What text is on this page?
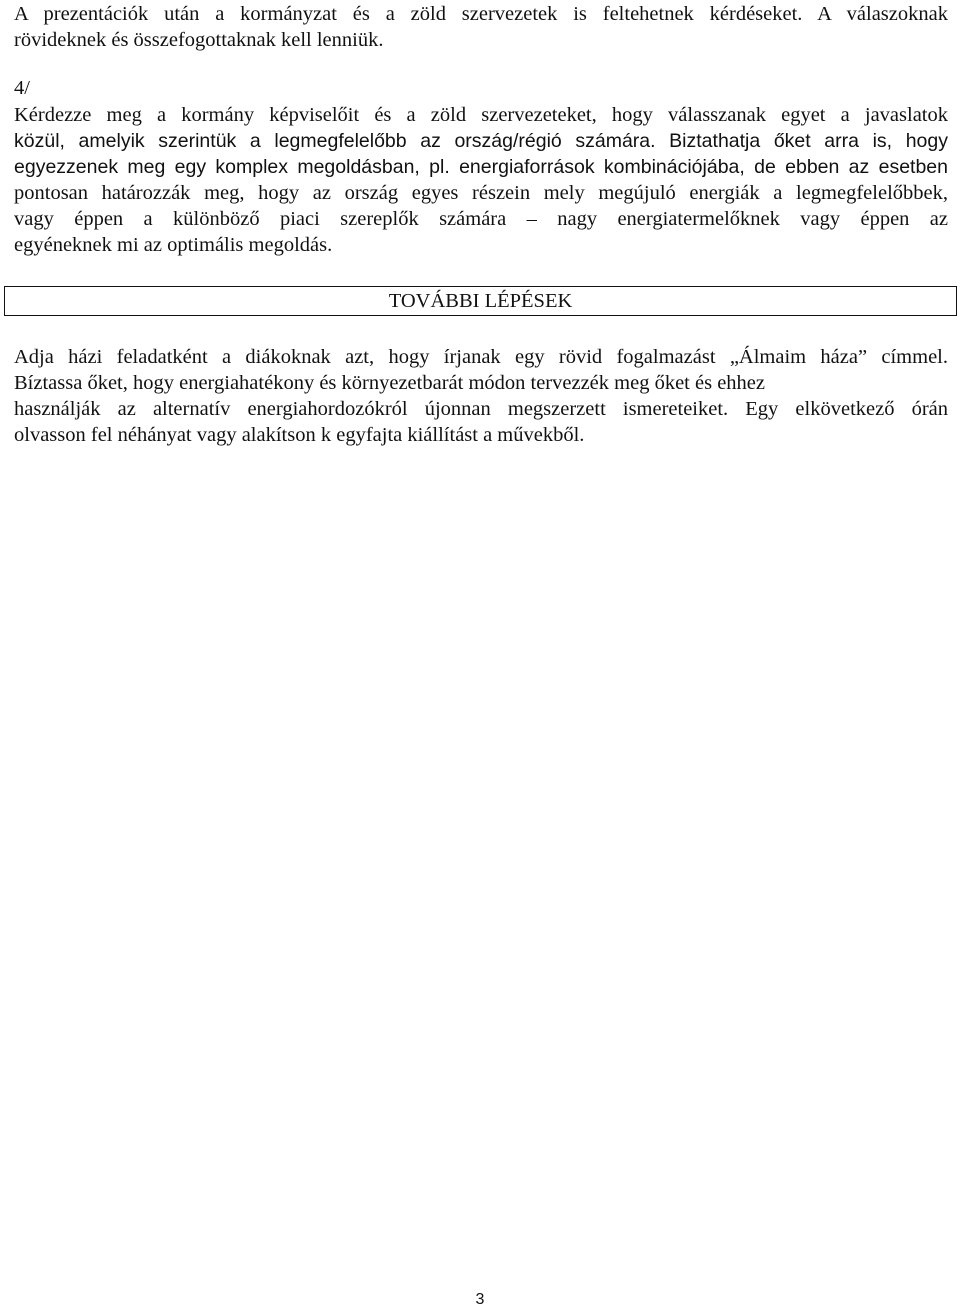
A prezentációk után a kormányzat és a zöld szervezetek is feltehetnek kérdéseket. A válaszoknak
rövideknek és összefogottaknak kell lenniük.
4/
Kérdezze meg a kormány képviselőit és a zöld szervezeteket, hogy válasszanak egyet a javaslatok
közül, amelyik szerintük a legmegfelelőbb az ország/régió számára. Biztathatja őket arra is, hogy
egyezzenek meg egy komplex megoldásban, pl. energiaforrások kombinációjába, de ebben az esetben
pontosan határozzák meg, hogy az ország egyes részein mely megújuló energiák a legmegfelelőbbek,
vagy éppen a különböző piaci szereplők számára – nagy energiatermelőknek vagy éppen az
egyéneknek mi az optimális megoldás.
TOVÁBBI LÉPÉSEK
Adja házi feladatként a diákoknak azt, hogy írjanak egy rövid fogalmazást „Álmaim háza” címmel.
Bíztassa őket, hogy energiahatékony és környezetbarát módon tervezzék meg őket és ehhez
használják az alternatív energiahordozókról újonnan megszerzett ismereteiket. Egy elkövetkező órán
olvasson fel néhányat vagy alakítson k egyfajta kiállítást a művekből.
3
